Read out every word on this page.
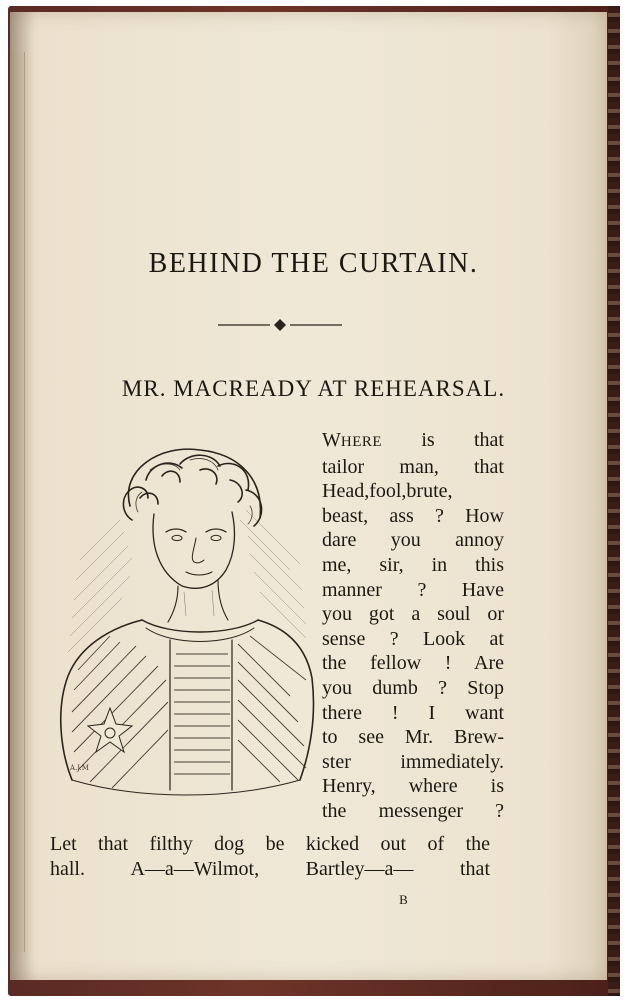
BEHIND THE CURTAIN.
MR. MACREADY AT REHEARSAL.
A.J.M
WHERE is that
tailor man, that
Head,fool,brute,
beast, ass ? How
dare you annoy
me, sir, in this
manner ? Have
you got a soul or
sense ? Look at
the fellow ! Are
you dumb ? Stop
there ! I want
to see Mr. Brew-
ster immediately.
Henry, where is
the messenger ?
Let that filthy dog be kicked out of the
hall. A—a—Wilmot, Bartley—a— that
B
